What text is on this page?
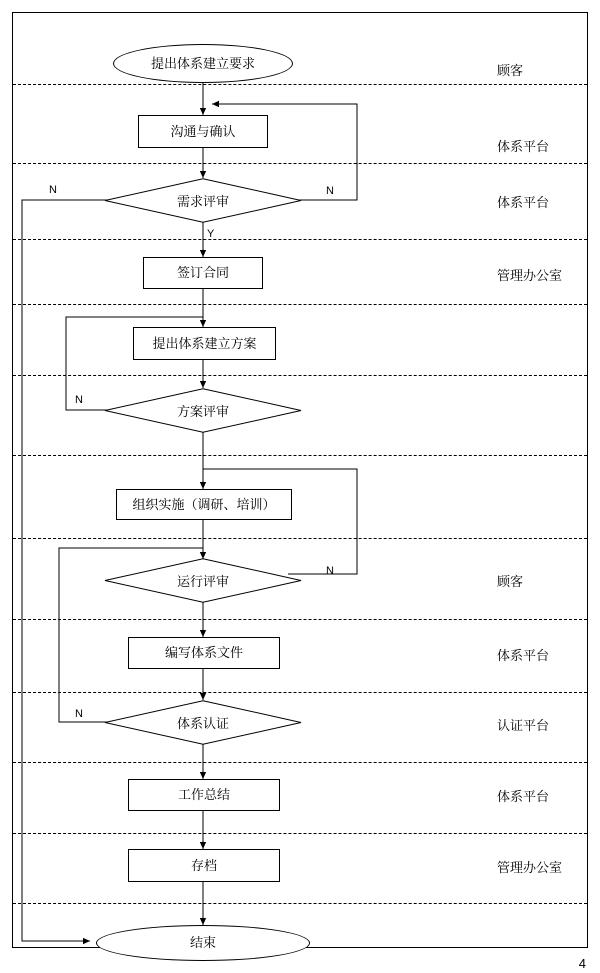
提出体系建立要求
沟通与确认
需求评审
签订合同
提出体系建立方案
方案评审
组织实施（调研、培训）
运行评审
编写体系文件
体系认证
工作总结
存档
结束
N	N
Y
N
N
N
顾客
体系平台
体系平台
管理办公室
顾客
体系平台
认证平台
体系平台
管理办公室
4
